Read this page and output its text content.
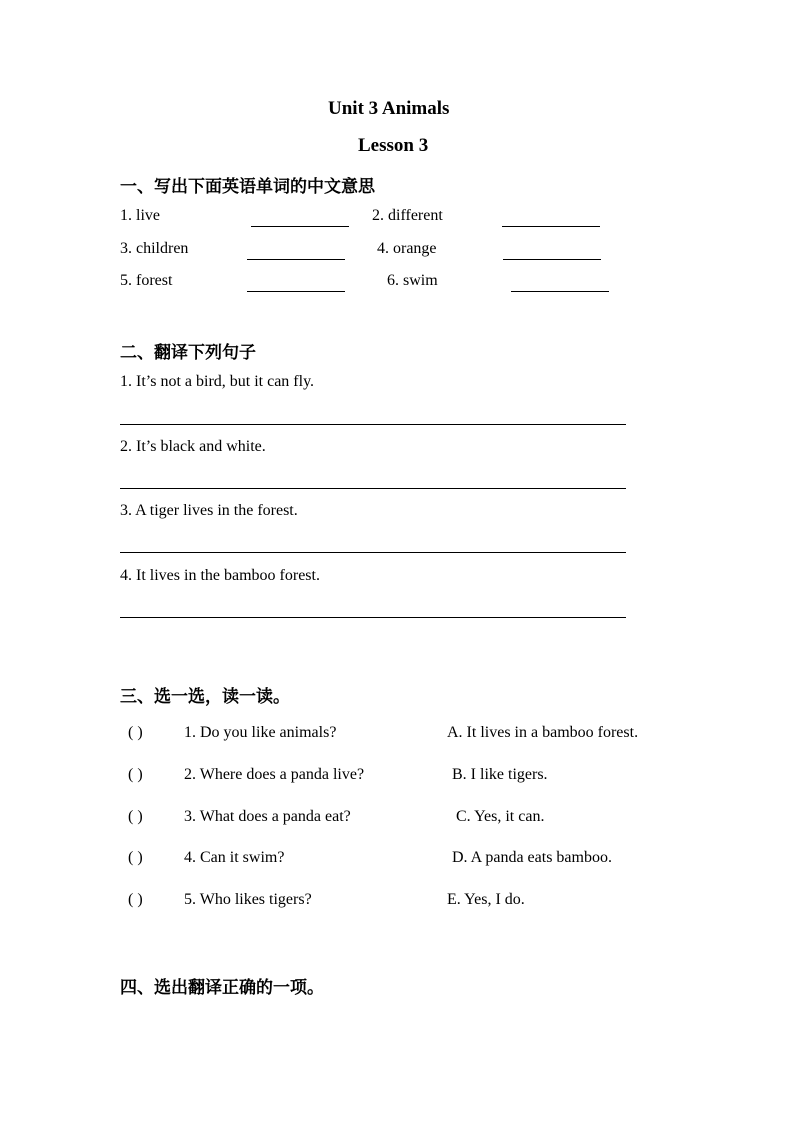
Unit 3 Animals
Lesson 3
一、写出下面英语单词的中文意思
1. live	2. different
3. children	4. orange
5. forest	6. swim
二、翻译下列句子
1. It’s not a bird, but it can fly.
2. It’s black and white.
3. A tiger lives in the forest.
4. It lives in the bamboo forest.
三、选一选，读一读。
( )	1. Do you like animals?	A. It lives in a bamboo forest.
( )	2. Where does a panda live?	B. I like tigers.
( )	3. What does a panda eat?	C. Yes, it can.
( )	4. Can it swim?	D. A panda eats bamboo.
( )	5. Who likes tigers?	E. Yes, I do.
四、选出翻译正确的一项。
